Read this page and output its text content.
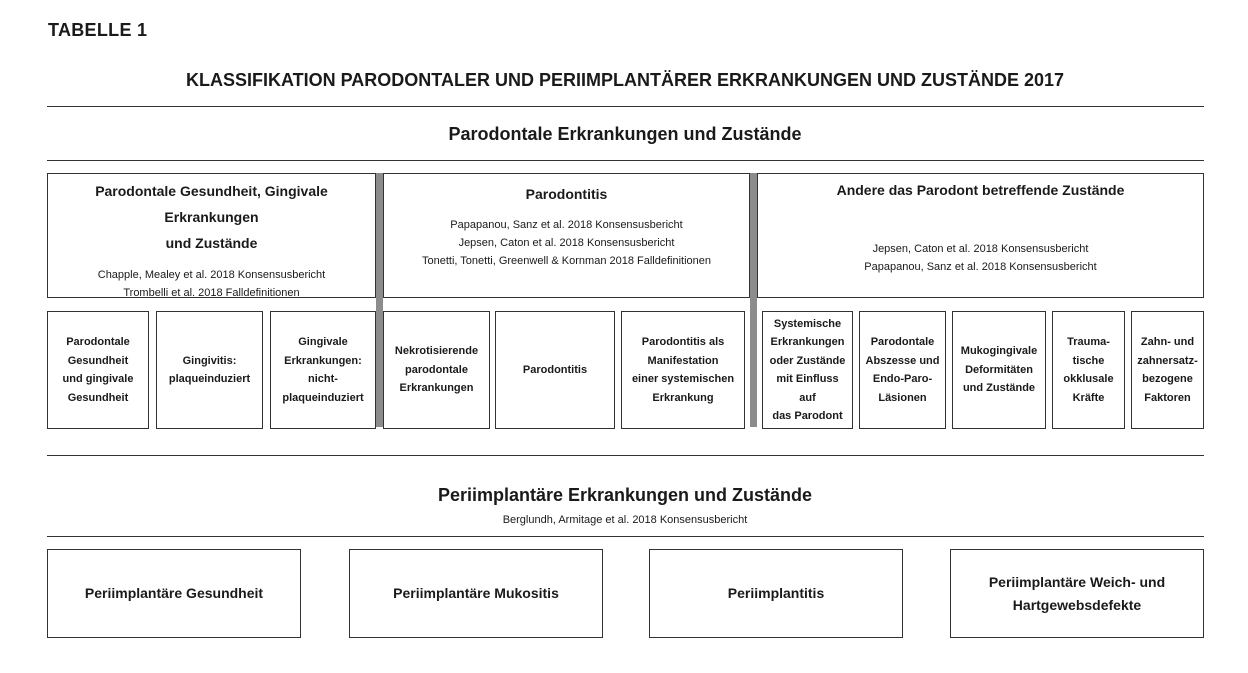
TABELLE 1
KLASSIFIKATION PARODONTALER UND PERIIMPLANTÄRER ERKRANKUNGEN UND ZUSTÄNDE 2017
Parodontale Erkrankungen und Zustände
Parodontale Gesundheit, Gingivale Erkrankungen
und Zustände
Chapple, Mealey et al. 2018 Konsensusbericht
Trombelli et al. 2018 Falldefinitionen
Parodontitis
Papapanou, Sanz et al. 2018 Konsensusbericht
Jepsen, Caton et al. 2018 Konsensusbericht
Tonetti, Tonetti, Greenwell & Kornman 2018 Falldefinitionen
Andere das Parodont betreffende Zustände
Jepsen, Caton et al. 2018 Konsensusbericht
Papapanou, Sanz et al. 2018 Konsensusbericht
Parodontale
Gesundheit
und gingivale
Gesundheit
Gingivitis:
plaqueinduziert
Gingivale
Erkrankungen:
nicht-
plaqueinduziert
Nekrotisierende
parodontale
Erkrankungen
Parodontitis
Parodontitis als
Manifestation
einer systemischen
Erkrankung
Systemische
Erkrankungen
oder Zustände
mit Einfluss auf
das Parodont
Parodontale
Abszesse und
Endo-Paro-
Läsionen
Mukogingivale
Deformitäten
und Zustände
Trauma-
tische
okklusale
Kräfte
Zahn- und
zahnersatz-
bezogene
Faktoren
Periimplantäre Erkrankungen und Zustände
Berglundh, Armitage et al. 2018 Konsensusbericht
Periimplantäre Gesundheit	Periimplantäre Mukositis	Periimplantitis
Periimplantäre Weich- und
Hartgewebsdefekte
